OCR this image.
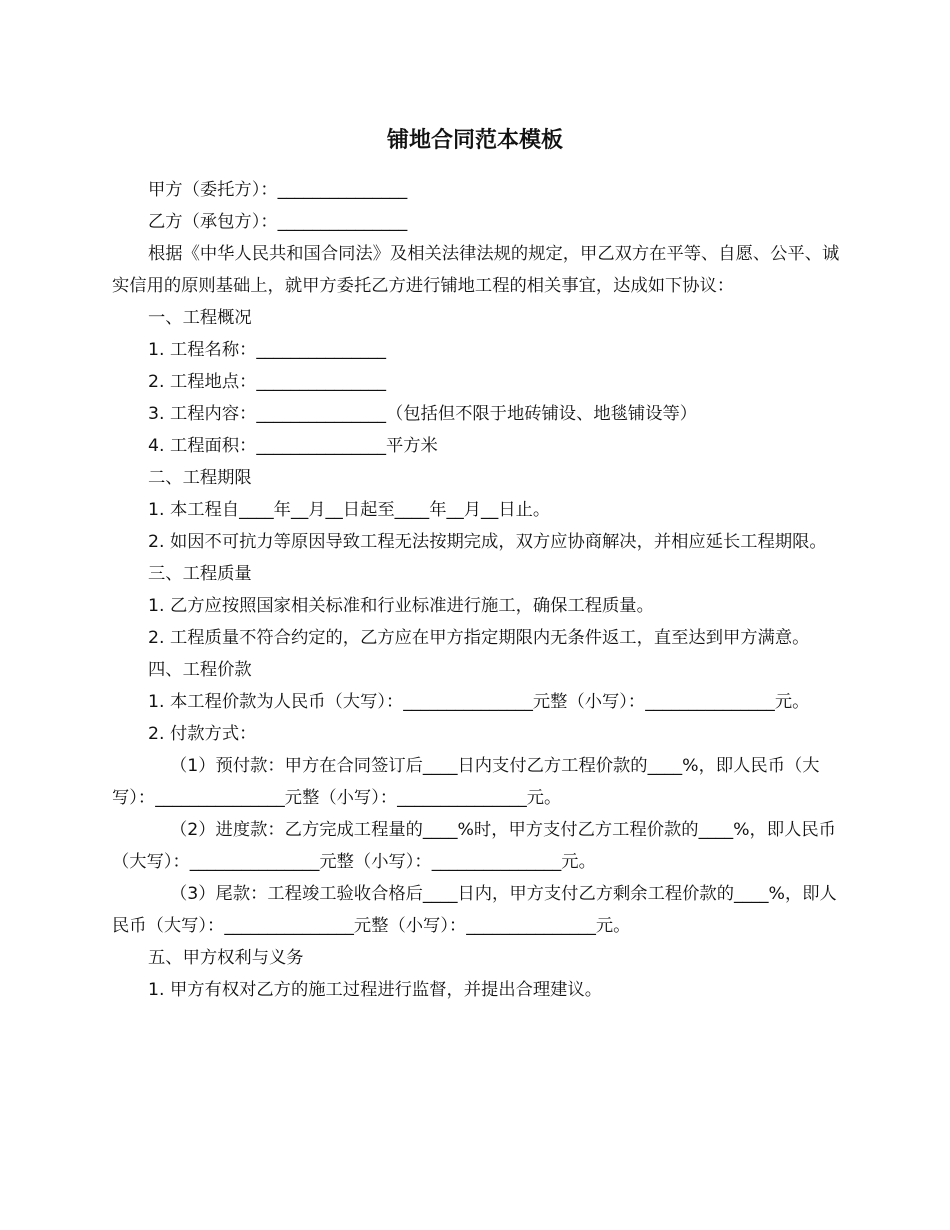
铺地合同范本模板

甲方（委托方）：_______________

乙方（承包方）：_______________

根据《中华人民共和国合同法》及相关法律法规的规定，甲乙双方在平等、自愿、公平、诚实信用的原则基础上，就甲方委托乙方进行铺地工程的相关事宜，达成如下协议：

一、工程概况

1. 工程名称：_______________

2. 工程地点：_______________

3. 工程内容：_______________（包括但不限于地砖铺设、地毯铺设等）

4. 工程面积：_______________平方米

二、工程期限

1. 本工程自____年__月__日起至____年__月__日止。

2. 如因不可抗力等原因导致工程无法按期完成，双方应协商解决，并相应延长工程期限。

三、工程质量

1. 乙方应按照国家相关标准和行业标准进行施工，确保工程质量。

2. 工程质量不符合约定的，乙方应在甲方指定期限内无条件返工，直至达到甲方满意。

四、工程价款

1. 本工程价款为人民币（大写）：_______________元整（小写）：_______________元。

2. 付款方式：

（1）预付款：甲方在合同签订后____日内支付乙方工程价款的____%，即人民币（大写）：_______________元整（小写）：_______________元。

（2）进度款：乙方完成工程量的____%时，甲方支付乙方工程价款的____%，即人民币（大写）：_______________元整（小写）：_______________元。

（3）尾款：工程竣工验收合格后____日内，甲方支付乙方剩余工程价款的____%，即人民币（大写）：_______________元整（小写）：_______________元。

五、甲方权利与义务

1. 甲方有权对乙方的施工过程进行监督，并提出合理建议。
